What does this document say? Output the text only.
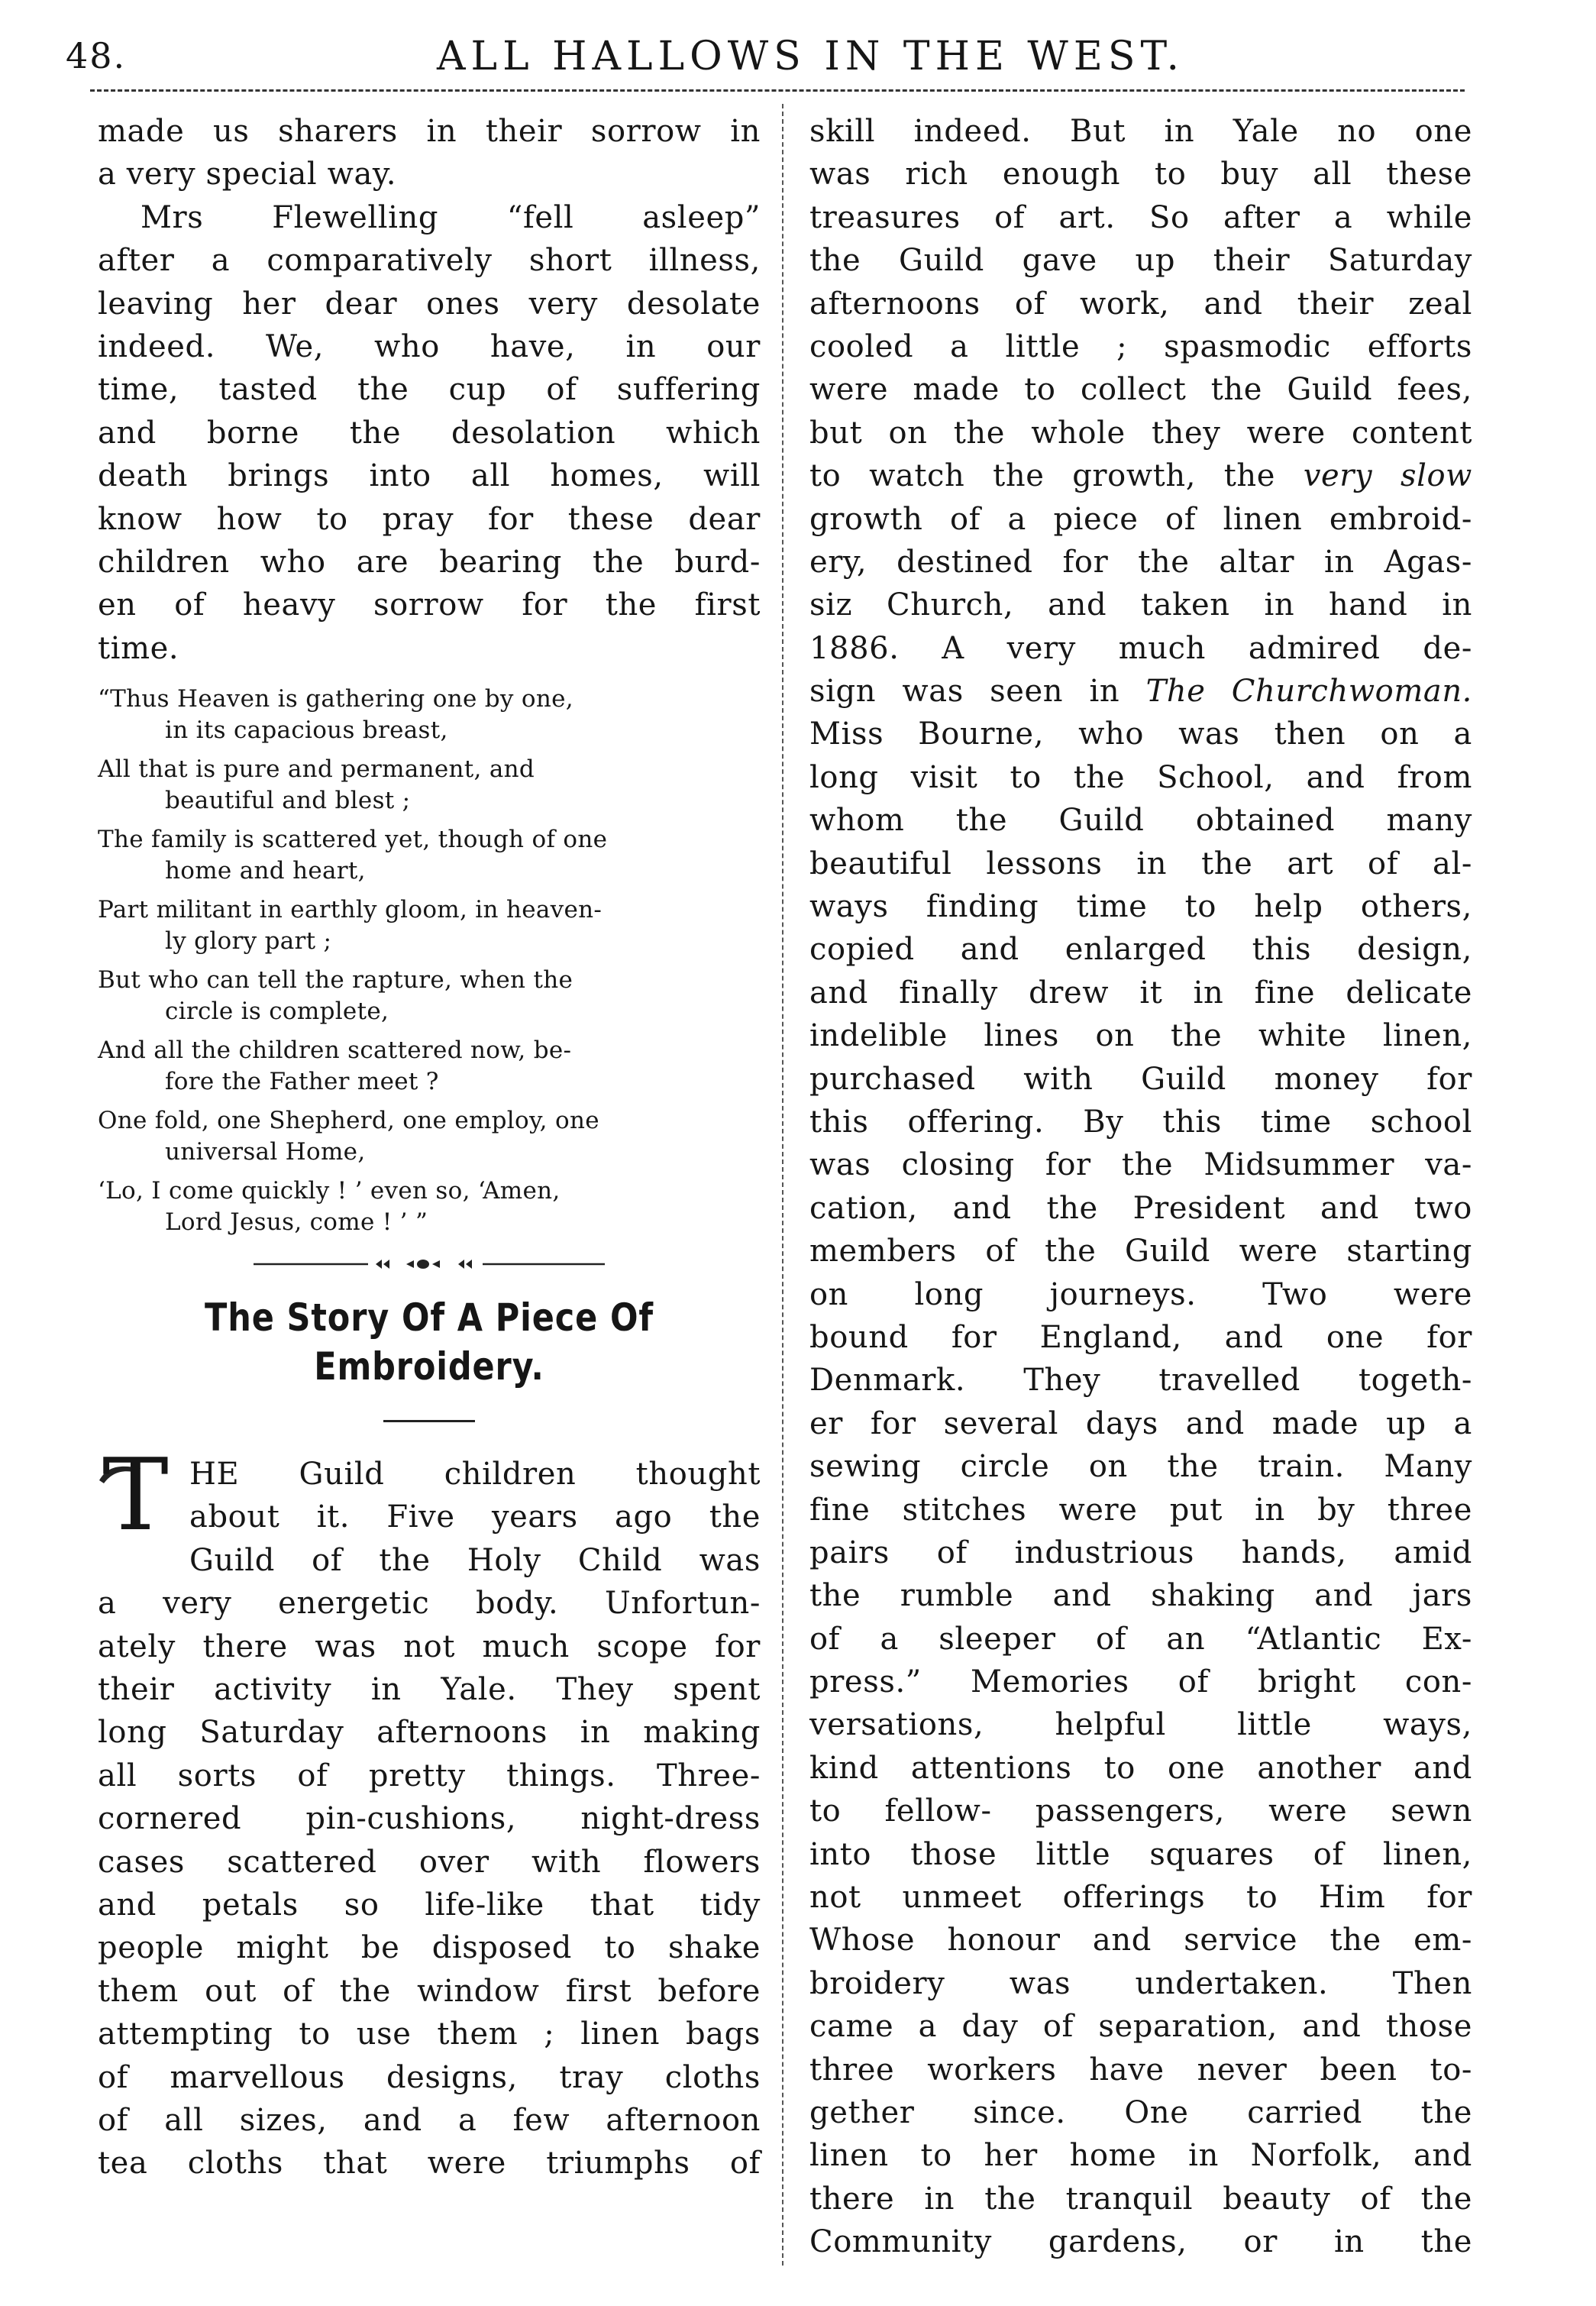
48.	ALL HALLOWS IN THE WEST.
made us sharers in their sorrow in
a very special way.
Mrs Flewelling “fell asleep”
after a comparatively short illness,
leaving her dear ones very desolate
indeed. We, who have, in our
time, tasted the cup of suffering
and borne the desolation which
death brings into all homes, will
know how to pray for these dear
children who are bearing the burd-
en of heavy sorrow for the first
time.
“Thus Heaven is gathering one by one,
in its capacious breast,
All that is pure and permanent, and
beautiful and blest ;
The family is scattered yet, though of one
home and heart,
Part militant in earthly gloom, in heaven-
ly glory part ;
But who can tell the rapture, when the
circle is complete,
And all the children scattered now, be-
fore the Father meet ?
One fold, one Shepherd, one employ, one
universal Home,
‘Lo, I come quickly ! ’ even so, ‘Amen,
Lord Jesus, come ! ’ ”
The Story Of A Piece Of
Embroidery.
T HE Guild children thought
about it. Five years ago the
Guild of the Holy Child was
a very energetic body. Unfortun-
ately there was not much scope for
their activity in Yale. They spent
long Saturday afternoons in making
all sorts of pretty things. Three-
cornered pin-cushions, night-dress
cases scattered over with flowers
and petals so life-like that tidy
people might be disposed to shake
them out of the window first before
attempting to use them ; linen bags
of marvellous designs, tray cloths
of all sizes, and a few afternoon
tea cloths that were triumphs of
skill indeed. But in Yale no one
was rich enough to buy all these
treasures of art. So after a while
the Guild gave up their Saturday
afternoons of work, and their zeal
cooled a little ; spasmodic efforts
were made to collect the Guild fees,
but on the whole they were content
to watch the growth, the very slow
growth of a piece of linen embroid-
ery, destined for the altar in Agas-
siz Church, and taken in hand in
1886. A very much admired de-
sign was seen in The Churchwoman.
Miss Bourne, who was then on a
long visit to the School, and from
whom the Guild obtained many
beautiful lessons in the art of al-
ways finding time to help others,
copied and enlarged this design,
and finally drew it in fine delicate
indelible lines on the white linen,
purchased with Guild money for
this offering. By this time school
was closing for the Midsummer va-
cation, and the President and two
members of the Guild were starting
on long journeys. Two were
bound for England, and one for
Denmark. They travelled togeth-
er for several days and made up a
sewing circle on the train. Many
fine stitches were put in by three
pairs of industrious hands, amid
the rumble and shaking and jars
of a sleeper of an “Atlantic Ex-
press.” Memories of bright con-
versations, helpful little ways,
kind attentions to one another and
to fellow- passengers, were sewn
into those little squares of linen,
not unmeet offerings to Him for
Whose honour and service the em-
broidery was undertaken. Then
came a day of separation, and those
three workers have never been to-
gether since. One carried the
linen to her home in Norfolk, and
there in the tranquil beauty of the
Community gardens, or in the
